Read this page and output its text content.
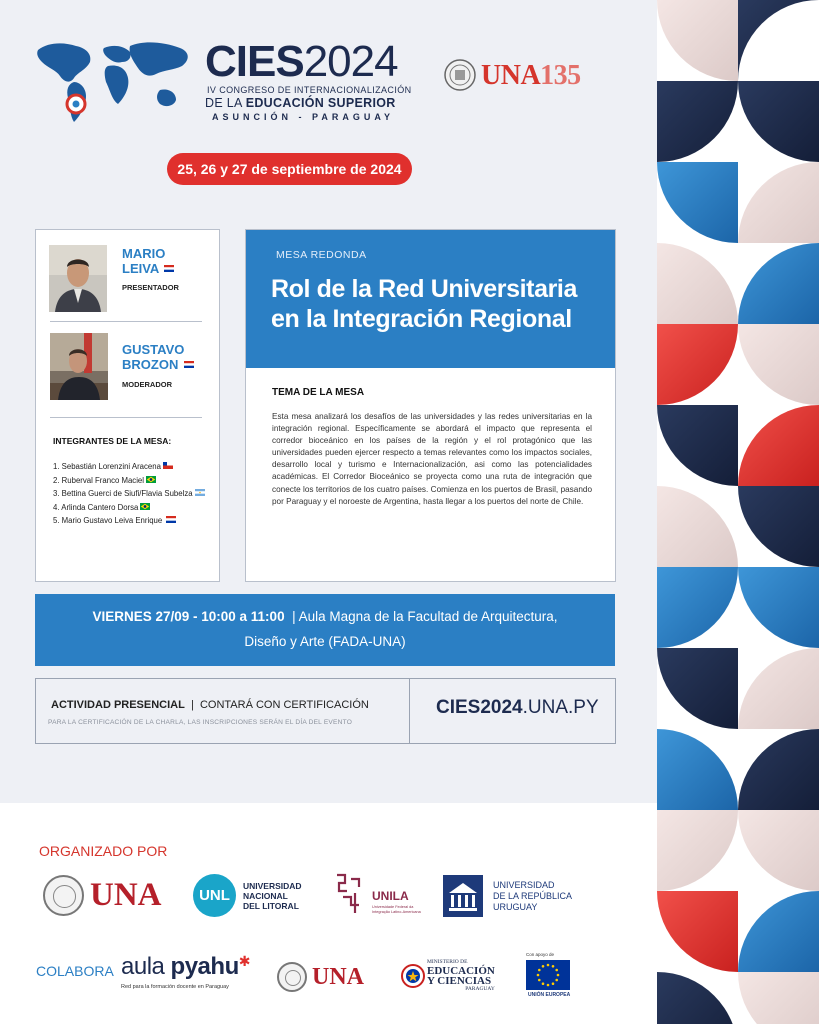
CIES2024
IV CONGRESO DE INTERNACIONALIZACIÓN
DE LA EDUCACIÓN SUPERIOR
ASUNCIÓN - PARAGUAY
UNA135
25, 26 y 27 de septiembre de 2024
MARIO
LEIVA
PRESENTADOR
GUSTAVO
BROZON
MODERADOR
INTEGRANTES DE LA MESA:
1. Sebastián Lorenzini Aracena
2. Ruberval Franco Maciel
3. Bettina Guerci de Siufi/Flavia Subelza
4. Arlinda Cantero Dorsa
5. Mario Gustavo Leiva Enrique
MESA REDONDA
Rol de la Red Universitaria en la Integración Regional
TEMA DE LA MESA
Esta mesa analizará los desafíos de las universidades y las redes universitarias en la integración regional. Específicamente se abordará el impacto que representa el corredor bioceánico en los países de la región y el rol protagónico que las universidades pueden ejercer respecto a temas relevantes como los impactos sociales, desarrollo local y turismo e Internacionalización, asi como las potencialidades académicas. El Corredor Bioceánico se proyecta como una ruta de integración que conecte los territorios de los cuatro países. Comienza en los puertos de Brasil, pasando por Paraguay y el noroeste de Argentina, hasta llegar a los puertos del norte de Chile.
VIERNES 27/09 - 10:00 a 11:00 | Aula Magna de la Facultad de Arquitectura,
Diseño y Arte (FADA-UNA)
ACTIVIDAD PRESENCIAL | CONTARÁ CON CERTIFICACIÓN
PARA LA CERTIFICACIÓN DE LA CHARLA, LAS INSCRIPCIONES SERÁN EL DÍA DEL EVENTO
CIES2024.UNA.PY
ORGANIZADO POR
UNA	UNL
UNIVERSIDAD
NACIONAL
DEL LITORAL
UNILA
Universidade Federal da Integração Latino-Americana
UNIVERSIDAD
DE LA REPÚBLICA
URUGUAY
COLABORA aula pyahu✱
Red para la formación docente en Paraguay	UNA
MINISTERIO DE
EDUCACIÓN
Y CIENCIAS
PARAGUAY
Con apoyo de
UNIÓN EUROPEA
